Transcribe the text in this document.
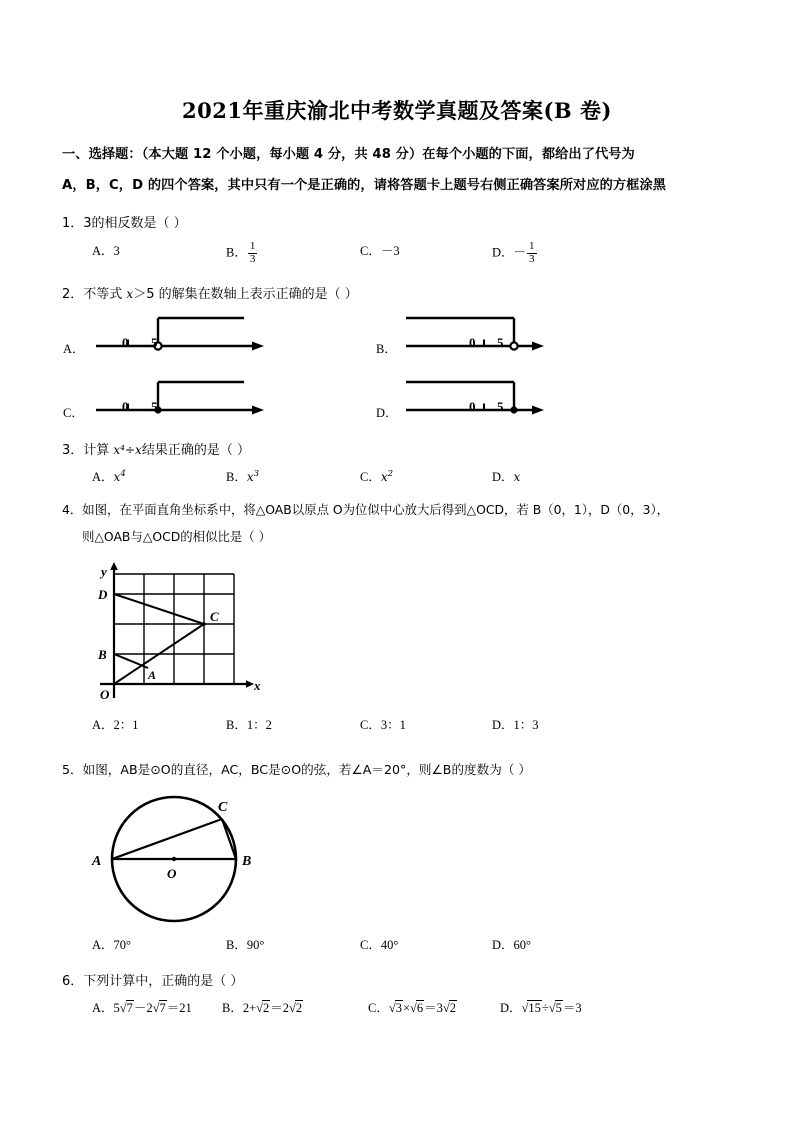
2021年重庆渝北中考数学真题及答案(B 卷)
一、选择题：（本大题 12 个小题，每小题 4 分，共 48 分）在每个小题的下面，都给出了代号为
A，B，C，D 的四个答案，其中只有一个是正确的，请将答题卡上题号右侧正确答案所对应的方框涂黑
1．3的相反数是（ ）
A．3	B． $\frac{1}{3}$	C．－3	D．－ $\frac{1}{3}$
2．不等式 x＞5 的解集在数轴上表示正确的是（ ）
A．	0 5	B．	0 5
C．	0 5	D．	0 5
3．计算 x⁴÷x结果正确的是（ ）
A．$x^4$	B．$x^3$	C．$x^2$	D．x
4．如图，在平面直角坐标系中，将△OAB以原点 O为位似中心放大后得到△OCD，若 B（0，1），D（0，3），
则△OAB与△OCD的相似比是（ ）
D
B
A
C
O
x
y
A．2：1	B．1：2	C．3：1	D．1：3
5．如图，AB是⊙O的直径，AC，BC是⊙O的弦，若∠A＝20°，则∠B的度数为（ ）
A	B
C
O
A．70°	B．90°	C．40°	D．60°
6．下列计算中，正确的是（ ）
A．5√7－2√7＝21 B．2+√2＝2√2	C．√3×√6＝3√2	D．√15÷√5＝3
